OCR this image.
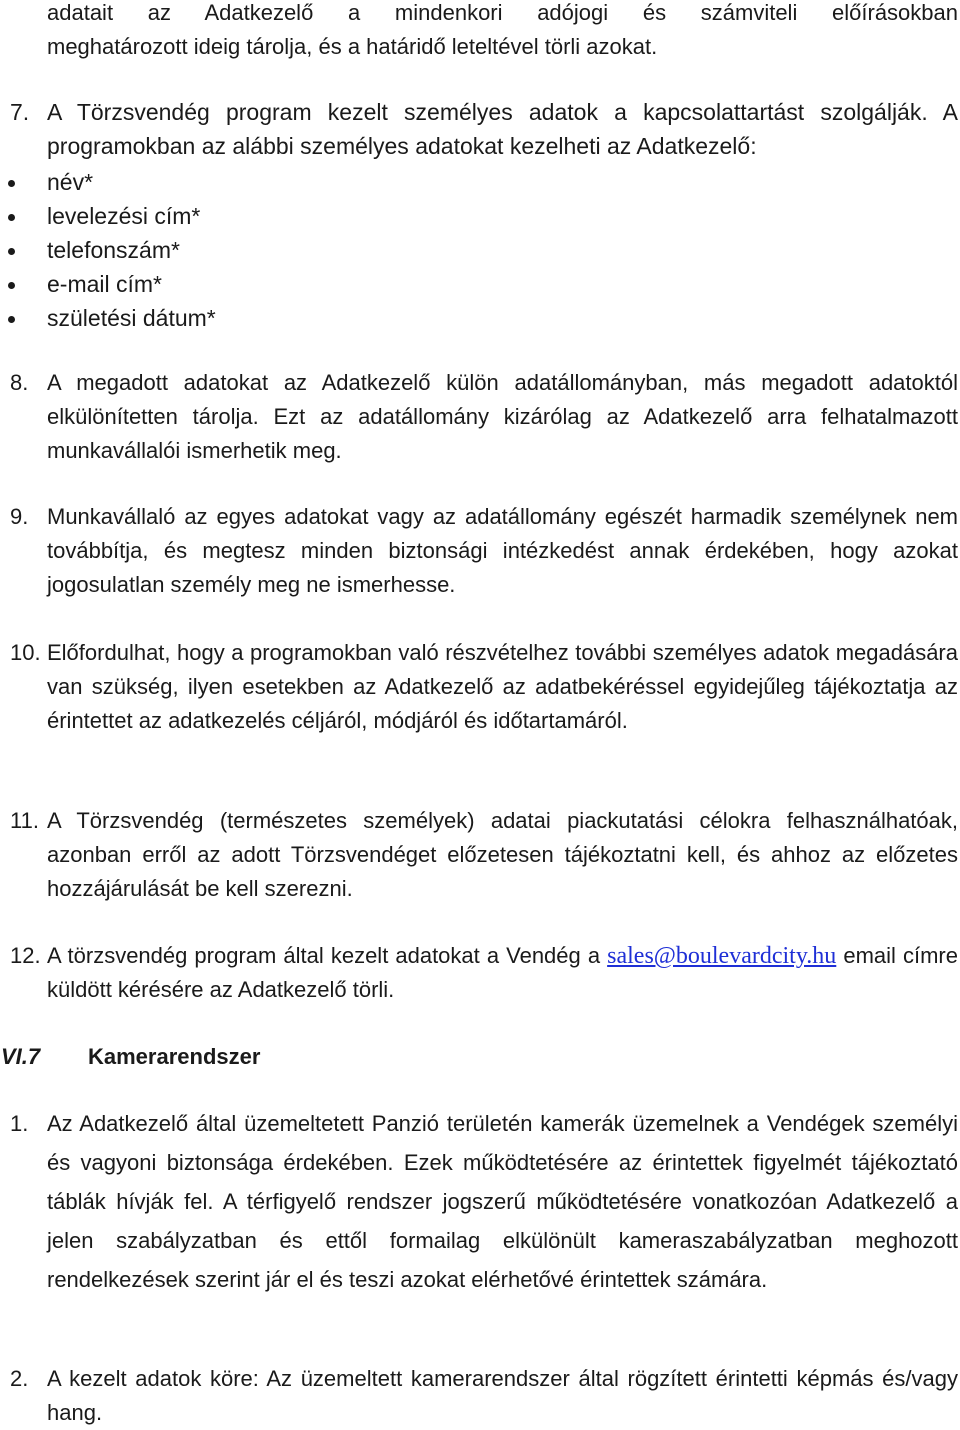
adatait az Adatkezelő a mindenkori adójogi és számviteli előírásokban
meghatározott ideig tárolja, és a határidő leteltével törli azokat.
7. A Törzsvendég program kezelt személyes adatok a kapcsolattartást szolgálják. A programokban az alábbi személyes adatokat kezelheti az Adatkezelő:
név*
levelezési cím*
telefonszám*
e-mail cím*
születési dátum*
8. A megadott adatokat az Adatkezelő külön adatállományban, más megadott adatoktól elkülönítetten tárolja. Ezt az adatállomány kizárólag az Adatkezelő arra felhatalmazott munkavállalói ismerhetik meg.
9. Munkavállaló az egyes adatokat vagy az adatállomány egészét harmadik személynek nem továbbítja, és megtesz minden biztonsági intézkedést annak érdekében, hogy azokat jogosulatlan személy meg ne ismerhesse.
10. Előfordulhat, hogy a programokban való részvételhez további személyes adatok megadására van szükség, ilyen esetekben az Adatkezelő az adatbekéréssel egyidejűleg tájékoztatja az érintettet az adatkezelés céljáról, módjáról és időtartamáról.
11. A Törzsvendég (természetes személyek) adatai piackutatási célokra felhasználhatóak, azonban erről az adott Törzsvendéget előzetesen tájékoztatni kell, és ahhoz az előzetes hozzájárulását be kell szerezni.
12. A törzsvendég program által kezelt adatokat a Vendég a sales@boulevardcity.hu email címre küldött kérésére az Adatkezelő törli.
VI.7 Kamerarendszer
1. Az Adatkezelő által üzemeltetett Panzió területén kamerák üzemelnek a Vendégek személyi és vagyoni biztonsága érdekében. Ezek működtetésére az érintettek figyelmét tájékoztató táblák hívják fel. A térfigyelő rendszer jogszerű működtetésére vonatkozóan Adatkezelő a jelen szabályzatban és ettől formailag elkülönült kameraszabályzatban meghozott rendelkezések szerint jár el és teszi azokat elérhetővé érintettek számára.
2. A kezelt adatok köre: Az üzemeltett kamerarendszer által rögzített érintetti képmás és/vagy hang.
